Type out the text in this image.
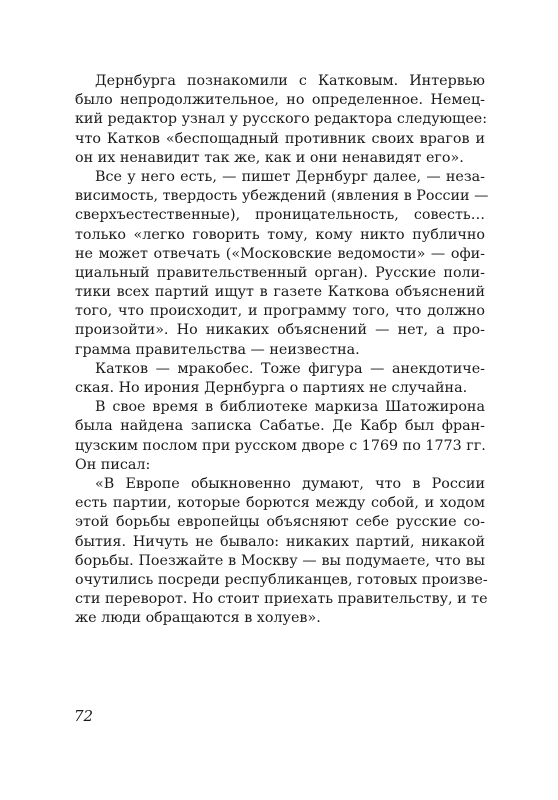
Дернбурга познакомили с Катковым. Интервью
было непродолжительное, но определенное. Немец-
кий редактор узнал у русского редактора следующее:
что Катков «беспощадный противник своих врагов и
он их ненавидит так же, как и они ненавидят его».
Все у него есть, — пишет Дернбург далее, — неза-
висимость, твердость убеждений (явления в России —
сверхъестественные), проницательность, совесть…
только «легко говорить тому, кому никто публично
не может отвечать («Московские ведомости» — офи-
циальный правительственный орган). Русские поли-
тики всех партий ищут в газете Каткова объяснений
того, что происходит, и программу того, что должно
произойти». Но никаких объяснений — нет, а про-
грамма правительства — неизвестна.
Катков — мракобес. Тоже фигура — анекдотиче-
ская. Но ирония Дернбурга о партиях не случайна.
В свое время в библиотеке маркиза Шатожирона
была найдена записка Сабатье. Де Кабр был фран-
цузским послом при русском дворе с 1769 по 1773 гг.
Он писал:
«В Европе обыкновенно думают, что в России
есть партии, которые борются между собой, и ходом
этой борьбы европейцы объясняют себе русские со-
бытия. Ничуть не бывало: никаких партий, никакой
борьбы. Поезжайте в Москву — вы подумаете, что вы
очутились посреди республиканцев, готовых произве-
сти переворот. Но стоит приехать правительству, и те
же люди обращаются в холуев».
72
